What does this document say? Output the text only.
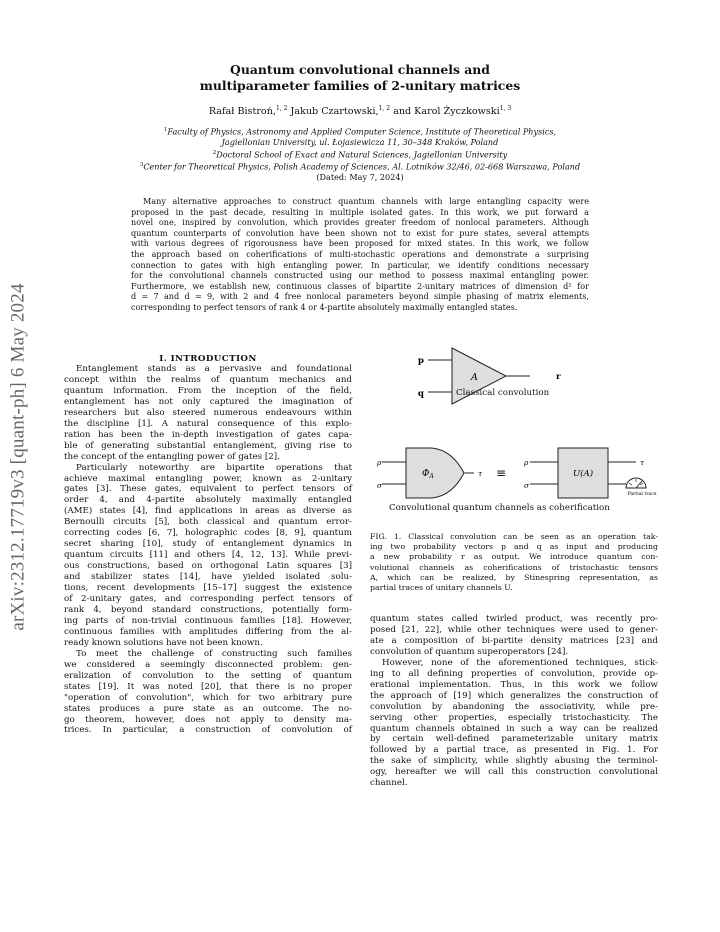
arXiv:2312.17719v3 [quant-ph] 6 May 2024
Quantum convolutional channels and
multiparameter families of 2-unitary matrices
Rafał Bistroń,$^{1, 2}$ Jakub Czartowski,$^{1, 2}$ and Karol Życzkowski$^{1, 3}$
$^1$Faculty of Physics, Astronomy and Applied Computer Science, Institute of Theoretical Physics,
Jagiellonian University, ul. Łojasiewicza 11, 30–348 Kraków, Poland
$^2$Doctoral School of Exact and Natural Sciences, Jagiellonian University
$^3$Center for Theoretical Physics, Polish Academy of Sciences, Al. Lotników 32/46, 02-668 Warszawa, Poland
(Dated: May 7, 2024)
Many alternative approaches to construct quantum channels with large entangling capacity were
proposed in the past decade, resulting in multiple isolated gates. In this work, we put forward a
novel one, inspired by convolution, which provides greater freedom of nonlocal parameters. Although
quantum counterparts of convolution have been shown not to exist for pure states, several attempts
with various degrees of rigorousness have been proposed for mixed states. In this work, we follow
the approach based on coherifications of multi-stochastic operations and demonstrate a surprising
connection to gates with high entangling power. In particular, we identify conditions necessary
for the convolutional channels constructed using our method to possess maximal entangling power.
Furthermore, we establish new, continuous classes of bipartite 2-unitary matrices of dimension d² for
d = 7 and d = 9, with 2 and 4 free nonlocal parameters beyond simple phasing of matrix elements,
corresponding to perfect tensors of rank 4 or 4-partite absolutely maximally entangled states.
I. INTRODUCTION
Entanglement stands as a pervasive and foundational
concept within the realms of quantum mechanics and
quantum information. From the inception of the field,
entanglement has not only captured the imagination of
researchers but also steered numerous endeavours within
the discipline [1]. A natural consequence of this explo-
ration has been the in-depth investigation of gates capa-
ble of generating substantial entanglement, giving rise to
the concept of the entangling power of gates [2].
Particularly noteworthy are bipartite operations that
achieve maximal entangling power, known as 2-unitary
gates [3]. These gates, equivalent to perfect tensors of
order 4, and 4-partite absolutely maximally entangled
(AME) states [4], find applications in areas as diverse as
Bernoulli circuits [5], both classical and quantum error-
correcting codes [6, 7], holographic codes [8, 9], quantum
secret sharing [10], study of entanglement dynamics in
quantum circuits [11] and others [4, 12, 13]. While previ-
ous constructions, based on orthogonal Latin squares [3]
and stabilizer states [14], have yielded isolated solu-
tions, recent developments [15–17] suggest the existence
of 2-unitary gates, and corresponding perfect tensors of
rank 4, beyond standard constructions, potentially form-
ing parts of non-trivial continuous families [18]. However,
continuous families with amplitudes differing from the al-
ready known solutions have not been known.
To meet the challenge of constructing such families
we considered a seemingly disconnected problem: gen-
eralization of convolution to the setting of quantum
states [19]. It was noted [20], that there is no proper
"operation of convolution", which for two arbitrary pure
states produces a pure state as an outcome. The no-
go theorem, however, does not apply to density ma-
trices. In particular, a construction of convolution of
p
q
r
A
ρ
σ
τ
$\Phi_A$	≡
ρ
σ
τ
U(A)
Partial trace
Classical convolution
Convolutional quantum channels as coherification
FIG. 1. Classical convolution can be seen as an operation tak-
ing two probability vectors p and q as input and producing
a new probability r as output. We introduce quantum con-
volutional channels as coherifications of tristochastic tensors
A, which can be realized, by Stinespring representation, as
partial traces of unitary channels U.
quantum states called twirled product, was recently pro-
posed [21, 22], while other techniques were used to gener-
ate a composition of bi-partite density matrices [23] and
convolution of quantum superoperators [24].
However, none of the aforementioned techniques, stick-
ing to all defining properties of convolution, provide op-
erational implementation. Thus, in this work we follow
the approach of [19] which generalizes the construction of
convolution by abandoning the associativity, while pre-
serving other properties, especially tristochasticity. The
quantum channels obtained in such a way can be realized
by certain well-defined parameterizable unitary matrix
followed by a partial trace, as presented in Fig. 1. For
the sake of simplicity, while slightly abusing the terminol-
ogy, hereafter we will call this construction convolutional
channel.
